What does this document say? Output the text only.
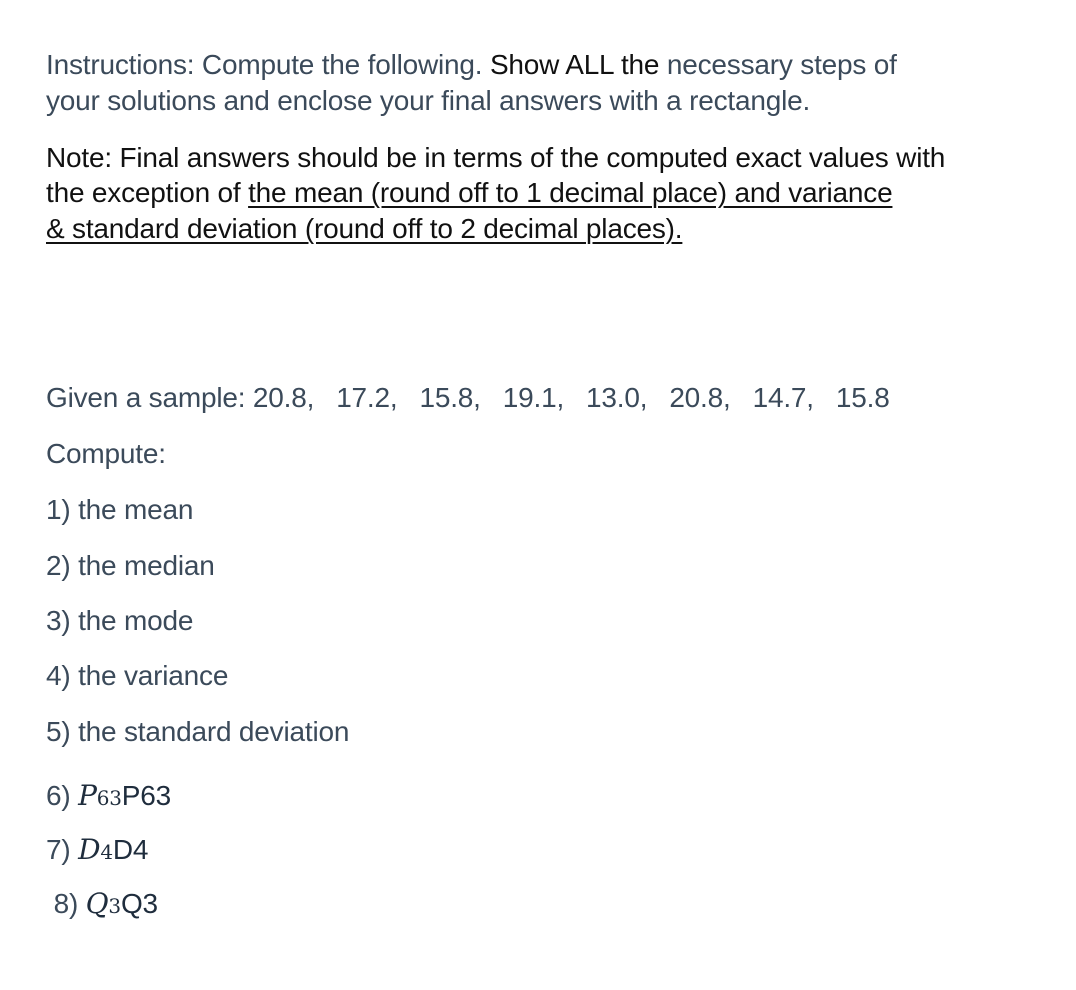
Instructions: Compute the following. Show ALL the necessary steps of
your solutions and enclose your final answers with a rectangle.
Note: Final answers should be in terms of the computed exact values with
the exception of the mean (round off to 1 decimal place) and variance
& standard deviation (round off to 2 decimal places).
Given a sample: 20.8, 17.2, 15.8, 19.1, 13.0, 20.8, 14.7, 15.8
Compute:
1) the mean
2) the median
3) the mode
4) the variance
5) the standard deviation
6) P63P63
7) D4D4
8) Q3Q3
